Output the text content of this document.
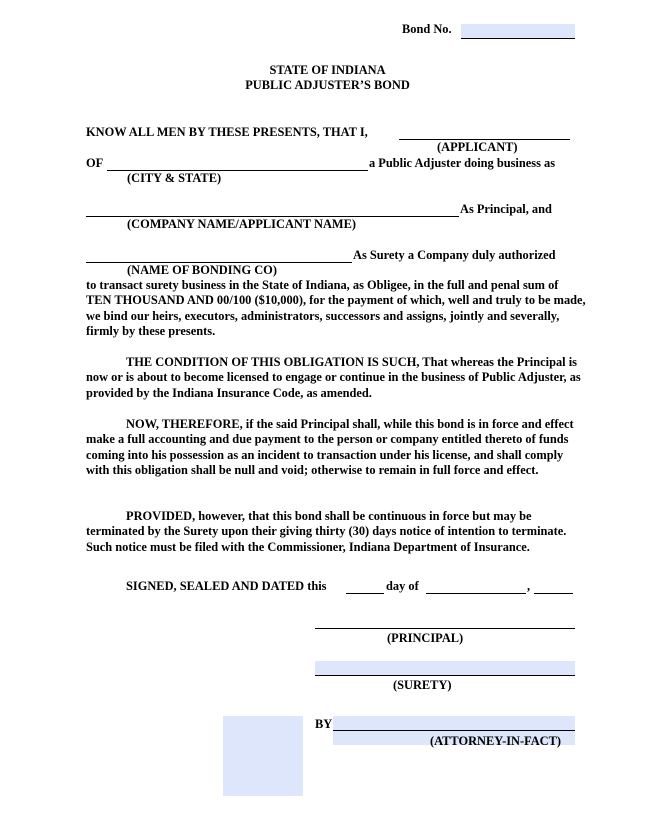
Bond No.
STATE OF INDIANA
PUBLIC ADJUSTER’S BOND
KNOW ALL MEN BY THESE PRESENTS, THAT I,
(APPLICANT)
OF	a Public Adjuster doing business as
(CITY & STATE)
As Principal, and
(COMPANY NAME/APPLICANT NAME)
As Surety a Company duly authorized
(NAME OF BONDING CO)
to transact surety business in the State of Indiana, as Obligee, in the full and penal sum of TEN THOUSAND AND 00/100 ($10,000), for the payment of which, well and truly to be made, we bind our heirs, executors, administrators, successors and assigns, jointly and severally, firmly by these presents.
THE CONDITION OF THIS OBLIGATION IS SUCH, That whereas the Principal is now or is about to become licensed to engage or continue in the business of Public Adjuster, as provided by the Indiana Insurance Code, as amended.
NOW, THEREFORE, if the said Principal shall, while this bond is in force and effect make a full accounting and due payment to the person or company entitled thereto of funds coming into his possession as an incident to transaction under his license, and shall comply with this obligation shall be null and void; otherwise to remain in full force and effect.
PROVIDED, however, that this bond shall be continuous in force but may be terminated by the Surety upon their giving thirty (30) days notice of intention to terminate. Such notice must be filed with the Commissioner, Indiana Department of Insurance.
SIGNED, SEALED AND DATED this	day of	,
(PRINCIPAL)
(SURETY)
BY
(ATTORNEY-IN-FACT)
